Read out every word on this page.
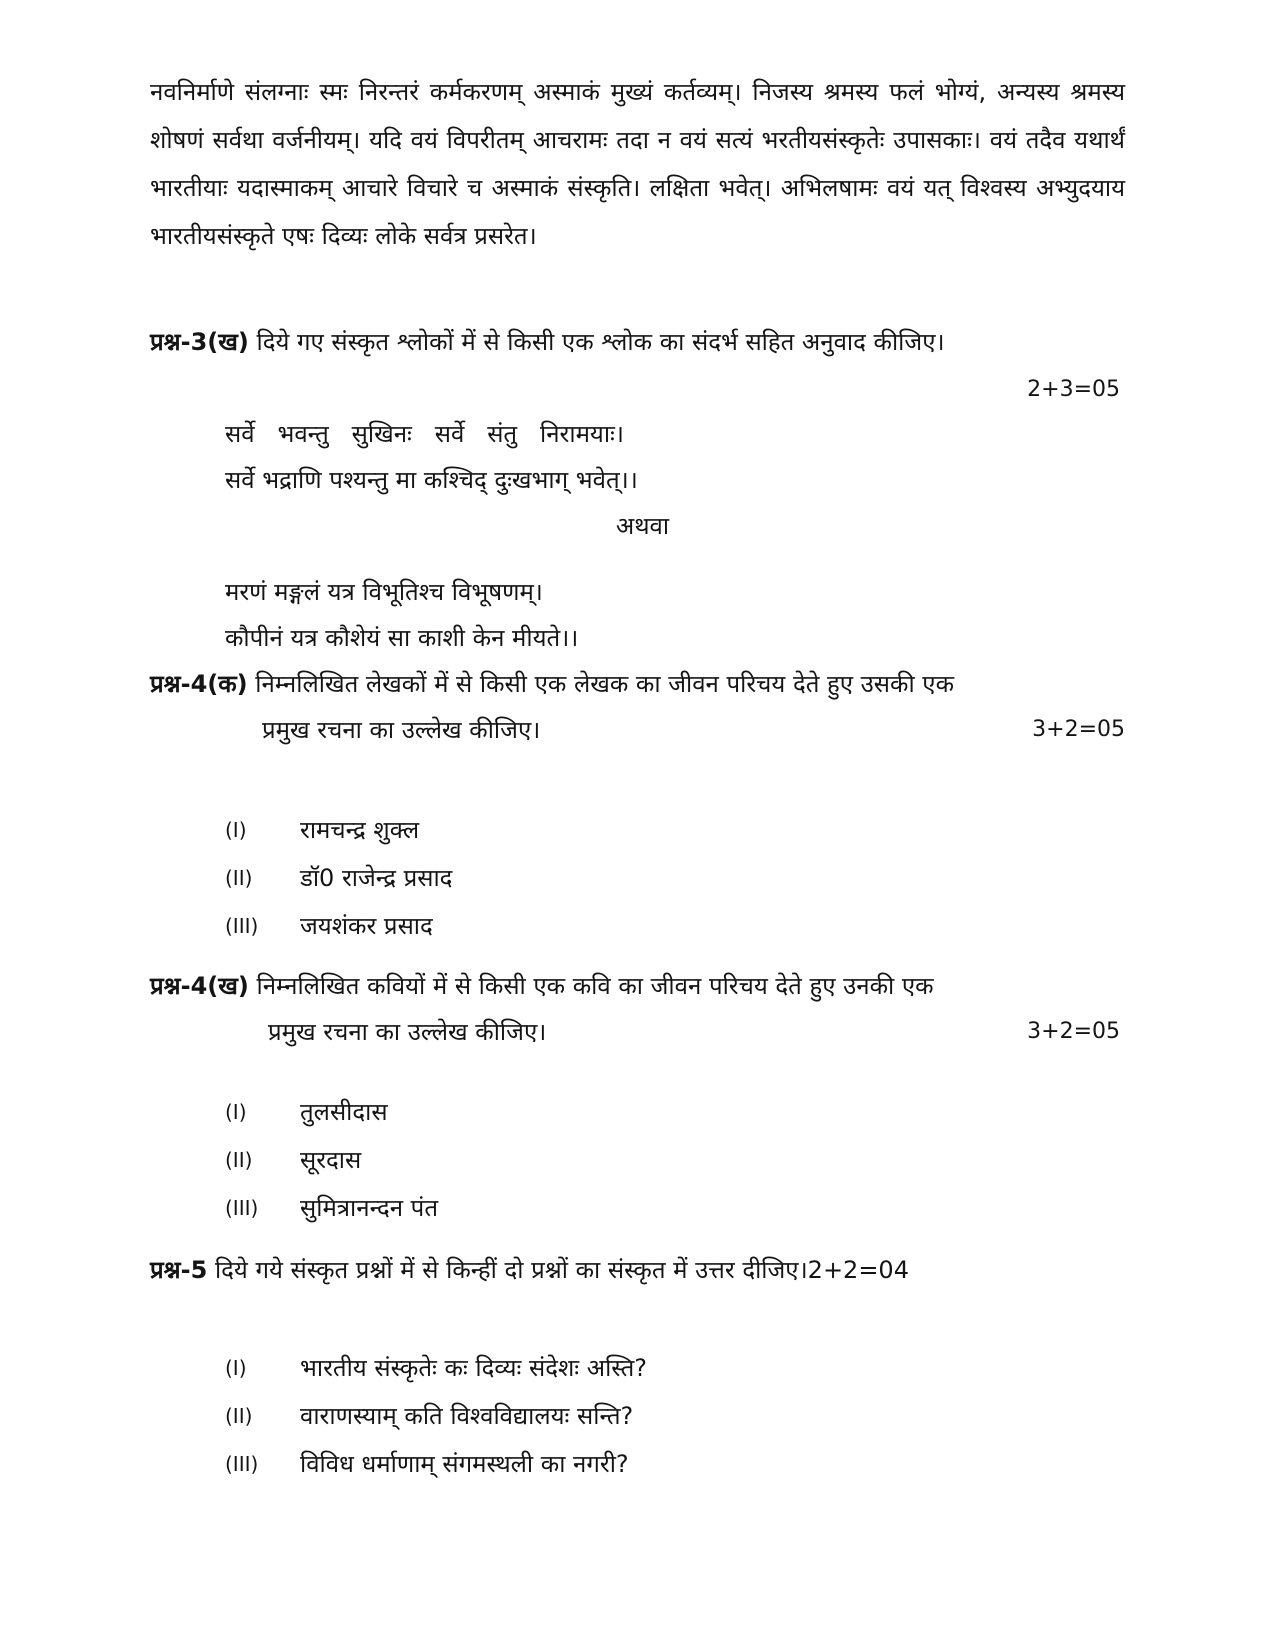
नवनिर्माणे संलग्नाः स्मः निरन्तरं कर्मकरणम् अस्माकं मुख्यं कर्तव्यम्। निजस्य श्रमस्य फलं भोग्यं, अन्यस्य श्रमस्य शोषणं सर्वथा वर्जनीयम्। यदि वयं विपरीतम् आचरामः तदा न वयं सत्यं भरतीयसंस्कृतेः उपासकाः। वयं तदैव यथार्थं भारतीयाः यदास्माकम् आचारे विचारे च अस्माकं संस्कृति। लक्षिता भवेत्। अभिलषामः वयं यत् विश्वस्य अभ्युदयाय भारतीयसंस्कृते एषः दिव्यः लोके सर्वत्र प्रसरेत।

प्रश्न-3(ख) दिये गए संस्कृत श्लोकों में से किसी एक श्लोक का संदर्भ सहित अनुवाद कीजिए।

2+3=05

सर्वे   भवन्तु   सुखिनः   सर्वे   संतु   निरामयाः।

सर्वे भद्राणि पश्यन्तु मा कश्चिद् दुःखभाग् भवेत्।।

अथवा

मरणं मङ्गलं यत्र विभूतिश्च विभूषणम्।

कौपीनं यत्र कौशेयं सा काशी केन मीयते।।

प्रश्न-4(क) निम्नलिखित लेखकों में से किसी एक लेखक का जीवन परिचय देते हुए उसकी एक

प्रमुख रचना का उल्लेख कीजिए।	3+2=05
(I)	रामचन्द्र शुक्ल
(II)	डॉ0 राजेन्द्र प्रसाद
(III)	जयशंकर प्रसाद

प्रश्न-4(ख) निम्नलिखित कवियों में से किसी एक कवि का जीवन परिचय देते हुए उनकी एक

प्रमुख रचना का उल्लेख कीजिए।	3+2=05
(I)	तुलसीदास
(II)	सूरदास
(III)	सुमित्रानन्दन पंत

प्रश्न-5 दिये गये संस्कृत प्रश्नों में से किन्हीं दो प्रश्नों का संस्कृत में उत्तर दीजिए।2+2=04

(I)	भारतीय संस्कृतेः कः दिव्यः संदेशः अस्ति?
(II)	वाराणस्याम् कति विश्वविद्यालयः सन्ति?
(III)	विविध धर्माणाम् संगमस्थली का नगरी?
